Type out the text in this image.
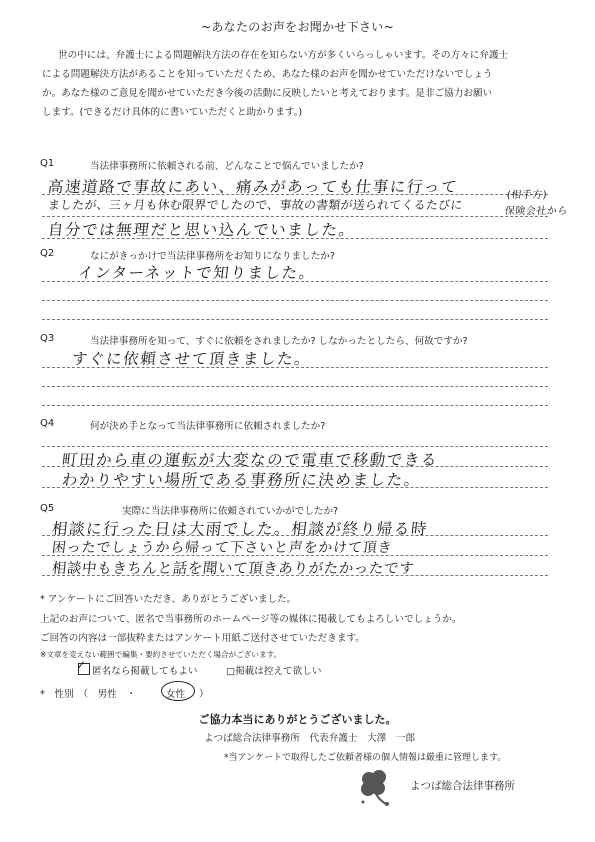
~あなたのお声をお聞かせ下さい~
世の中には、弁護士による問題解決方法の存在を知らない方が多くいらっしゃいます。その方々に弁護士
による問題解決方法があることを知っていただくため、あなた様のお声を聞かせていただけないでしょう
か。あなた様のご意見を聞かせていただき今後の活動に反映したいと考えております。是非ご協力お願い
します。(できるだけ具体的に書いていただくと助かります。)
Q1	当法律事務所に依頼される前、どんなことで悩んでいましたか?
高速道路で事故にあい、痛みがあっても仕事に行って
ましたが、三ヶ月も休む限界でしたので、事故の書類が送られてくるたびに
自分では無理だと思い込んでいました。
(相手方)
保険会社から
Q2	なにがきっかけで当法律事務所をお知りになりましたか?
インターネットで知りました。
Q3	当法律事務所を知って、すぐに依頼をされましたか? しなかったとしたら、何故ですか?
すぐに依頼させて頂きました。
Q4	何が決め手となって当法律事務所に依頼されましたか?
町田から車の運転が大変なので電車で移動できる
わかりやすい場所である事務所に決めました。
Q5	実際に当法律事務所に依頼されていかがでしたか?
相談に行った日は大雨でした。相談が終り帰る時
困ったでしょうから帰って下さいと声をかけて頂き
相談中もきちんと話を聞いて頂きありがたかったです
* アンケートにご回答いただき、ありがとうございました。
上記のお声について、匿名で当事務所のホームページ等の媒体に掲載してもよろしいでしょうか。
ご回答の内容は一部抜粋またはアンケート用紙ご送付させていただきます。
※文章を変えない範囲で編集・要約させていただく場合がございます。
✓ 匿名なら掲載してもよい	□掲載は控えて欲しい
*　性別　（　男性　・	女性 ）
ご協力本当にありがとうございました。
よつば総合法律事務所　代表弁護士　大澤　一郎
*当アンケートで取得したご依頼者様の個人情報は厳重に管理します。
よつば総合法律事務所
